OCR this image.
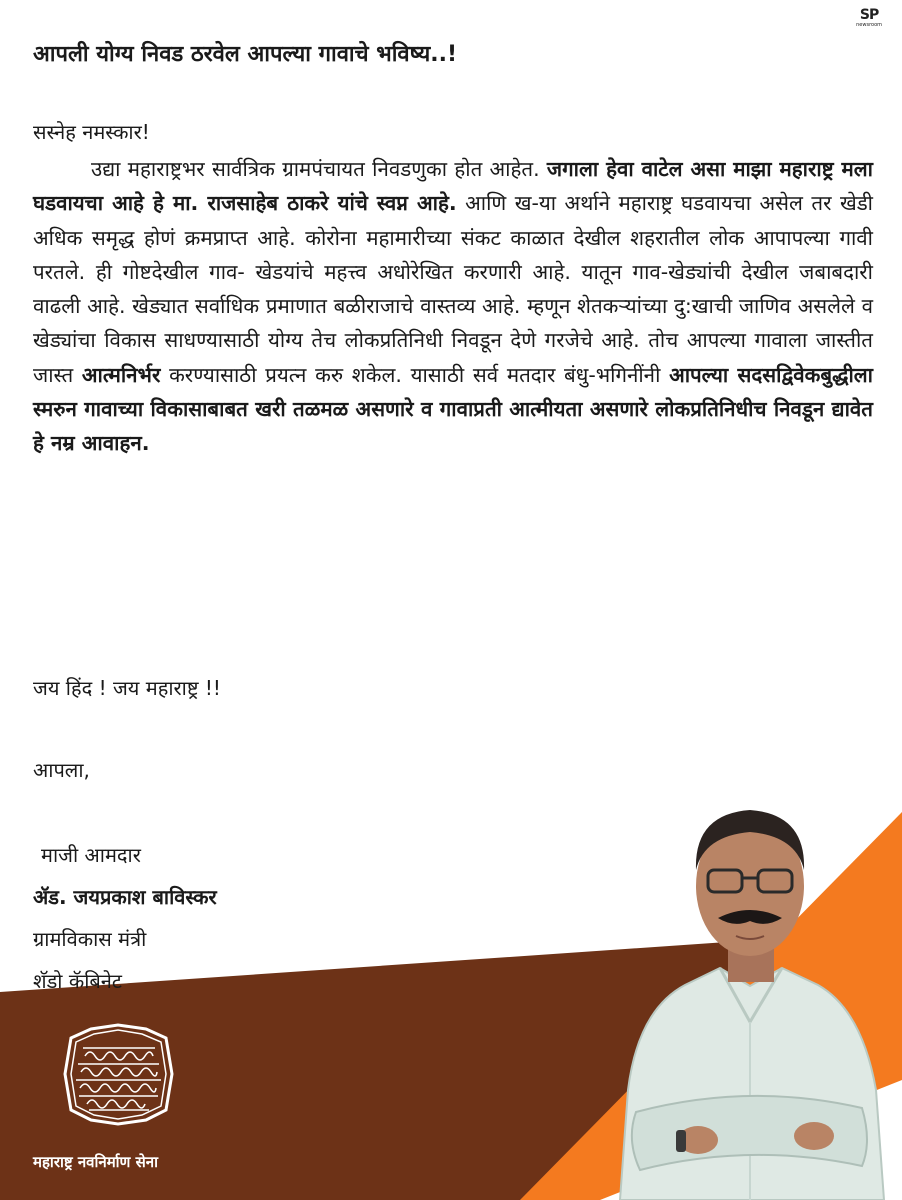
SP
newsroom
आपली योग्य निवड ठरवेल आपल्या गावाचे भविष्य..!
सस्नेह नमस्कार!
उद्या महाराष्ट्रभर सार्वत्रिक ग्रामपंचायत निवडणुका होत आहेत. जगाला हेवा वाटेल असा माझा महाराष्ट्र मला घडवायचा आहे हे मा. राजसाहेब ठाकरे यांचे स्वप्न आहे. आणि ख-या अर्थाने महाराष्ट्र घडवायचा असेल तर खेडी अधिक समृद्ध होणं क्रमप्राप्त आहे. कोरोना महामारीच्या संकट काळात देखील शहरातील लोक आपापल्या गावी परतले. ही गोष्टदेखील गाव- खेडयांचे महत्त्व अधोरेखित करणारी आहे. यातून गाव-खेड्यांची देखील जबाबदारी वाढली आहे. खेड्यात सर्वाधिक प्रमाणात बळीराजाचे वास्तव्य आहे. म्हणून शेतकऱ्यांच्या दु:खाची जाणिव असलेले व खेड्यांचा विकास साधण्यासाठी योग्य तेच लोकप्रतिनिधी निवडून देणे गरजेचे आहे. तोच आपल्या गावाला जास्तीत जास्त आत्मनिर्भर करण्यासाठी प्रयत्न करु शकेल. यासाठी सर्व मतदार बंधु-भगिनींनी आपल्या सदसद्विवेकबुद्धीला स्मरुन गावाच्या विकासाबाबत खरी तळमळ असणारे व गावाप्रती आत्मीयता असणारे लोकप्रतिनिधीच निवडून द्यावेत हे नम्र आवाहन.
जय हिंद ! जय महाराष्ट्र !!
आपला,
माजी आमदार
ॲड. जयप्रकाश बाविस्कर
ग्रामविकास मंत्री
शॅडो कॅबिनेट
महाराष्ट्र नवनिर्माण सेना
